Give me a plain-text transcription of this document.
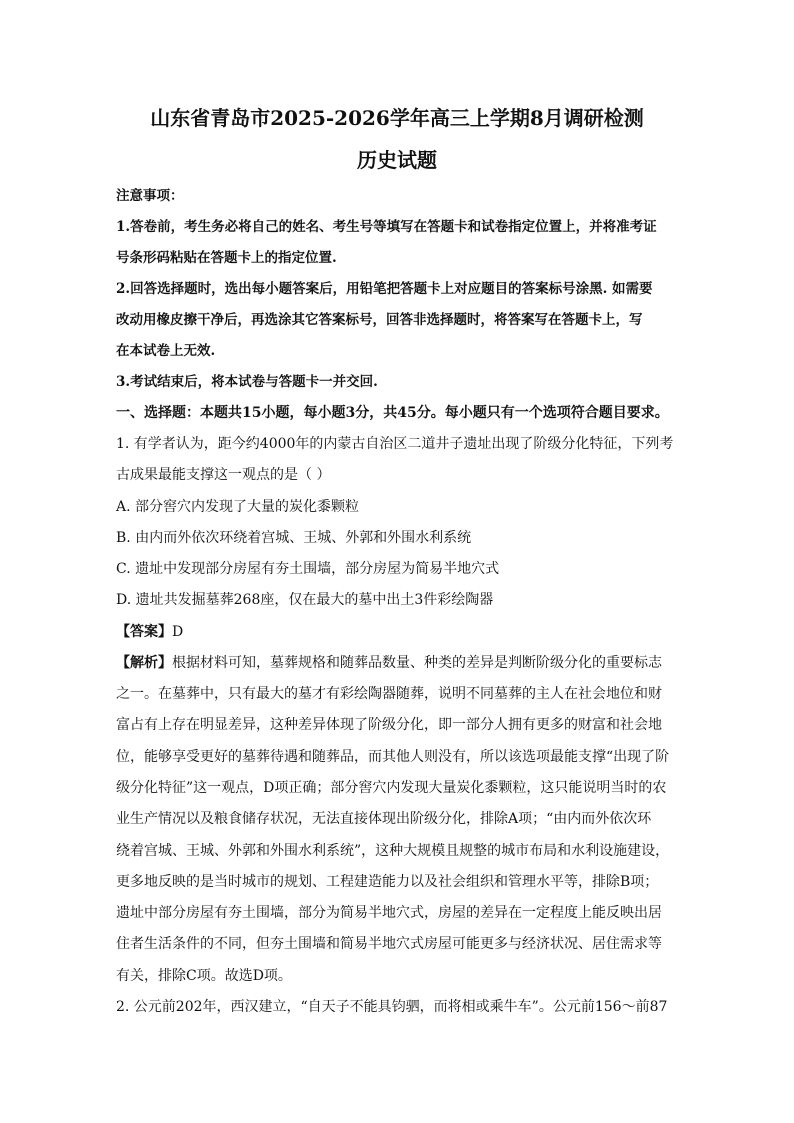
山东省青岛市2025-2026学年高三上学期8月调研检测
历史试题
注意事项：
1.答卷前，考生务必将自己的姓名、考生号等填写在答题卡和试卷指定位置上，并将准考证
号条形码粘贴在答题卡上的指定位置.
2.回答选择题时，选出每小题答案后，用铅笔把答题卡上对应题目的答案标号涂黑. 如需要
改动用橡皮擦干净后，再选涂其它答案标号，回答非选择题时，将答案写在答题卡上，写
在本试卷上无效.
3.考试结束后，将本试卷与答题卡一并交回.
一、选择题：本题共15小题，每小题3分，共45分。每小题只有一个选项符合题目要求。
1. 有学者认为，距今约4000年的内蒙古自治区二道井子遗址出现了阶级分化特征，下列考
古成果最能支撑这一观点的是（ ）
A. 部分窖穴内发现了大量的炭化黍颗粒
B. 由内而外依次环绕着宫城、王城、外郭和外围水利系统
C. 遗址中发现部分房屋有夯土围墙，部分房屋为简易半地穴式
D. 遗址共发掘墓葬268座，仅在最大的墓中出土3件彩绘陶器
【答案】D
【解析】根据材料可知，墓葬规格和随葬品数量、种类的差异是判断阶级分化的重要标志
之一。在墓葬中，只有最大的墓才有彩绘陶器随葬，说明不同墓葬的主人在社会地位和财
富占有上存在明显差异，这种差异体现了阶级分化，即一部分人拥有更多的财富和社会地
位，能够享受更好的墓葬待遇和随葬品，而其他人则没有，所以该选项最能支撑“出现了阶
级分化特征”这一观点，D项正确；部分窖穴内发现大量炭化黍颗粒，这只能说明当时的农
业生产情况以及粮食储存状况，无法直接体现出阶级分化，排除A项；“由内而外依次环
绕着宫城、王城、外郭和外围水利系统”，这种大规模且规整的城市布局和水利设施建设，
更多地反映的是当时城市的规划、工程建造能力以及社会组织和管理水平等，排除B项；
遗址中部分房屋有夯土围墙，部分为简易半地穴式，房屋的差异在一定程度上能反映出居
住者生活条件的不同，但夯土围墙和简易半地穴式房屋可能更多与经济状况、居住需求等
有关，排除C项。故选D项。
2. 公元前202年，西汉建立，“自天子不能具钧驷，而将相或乘牛车”。公元前156～前87
